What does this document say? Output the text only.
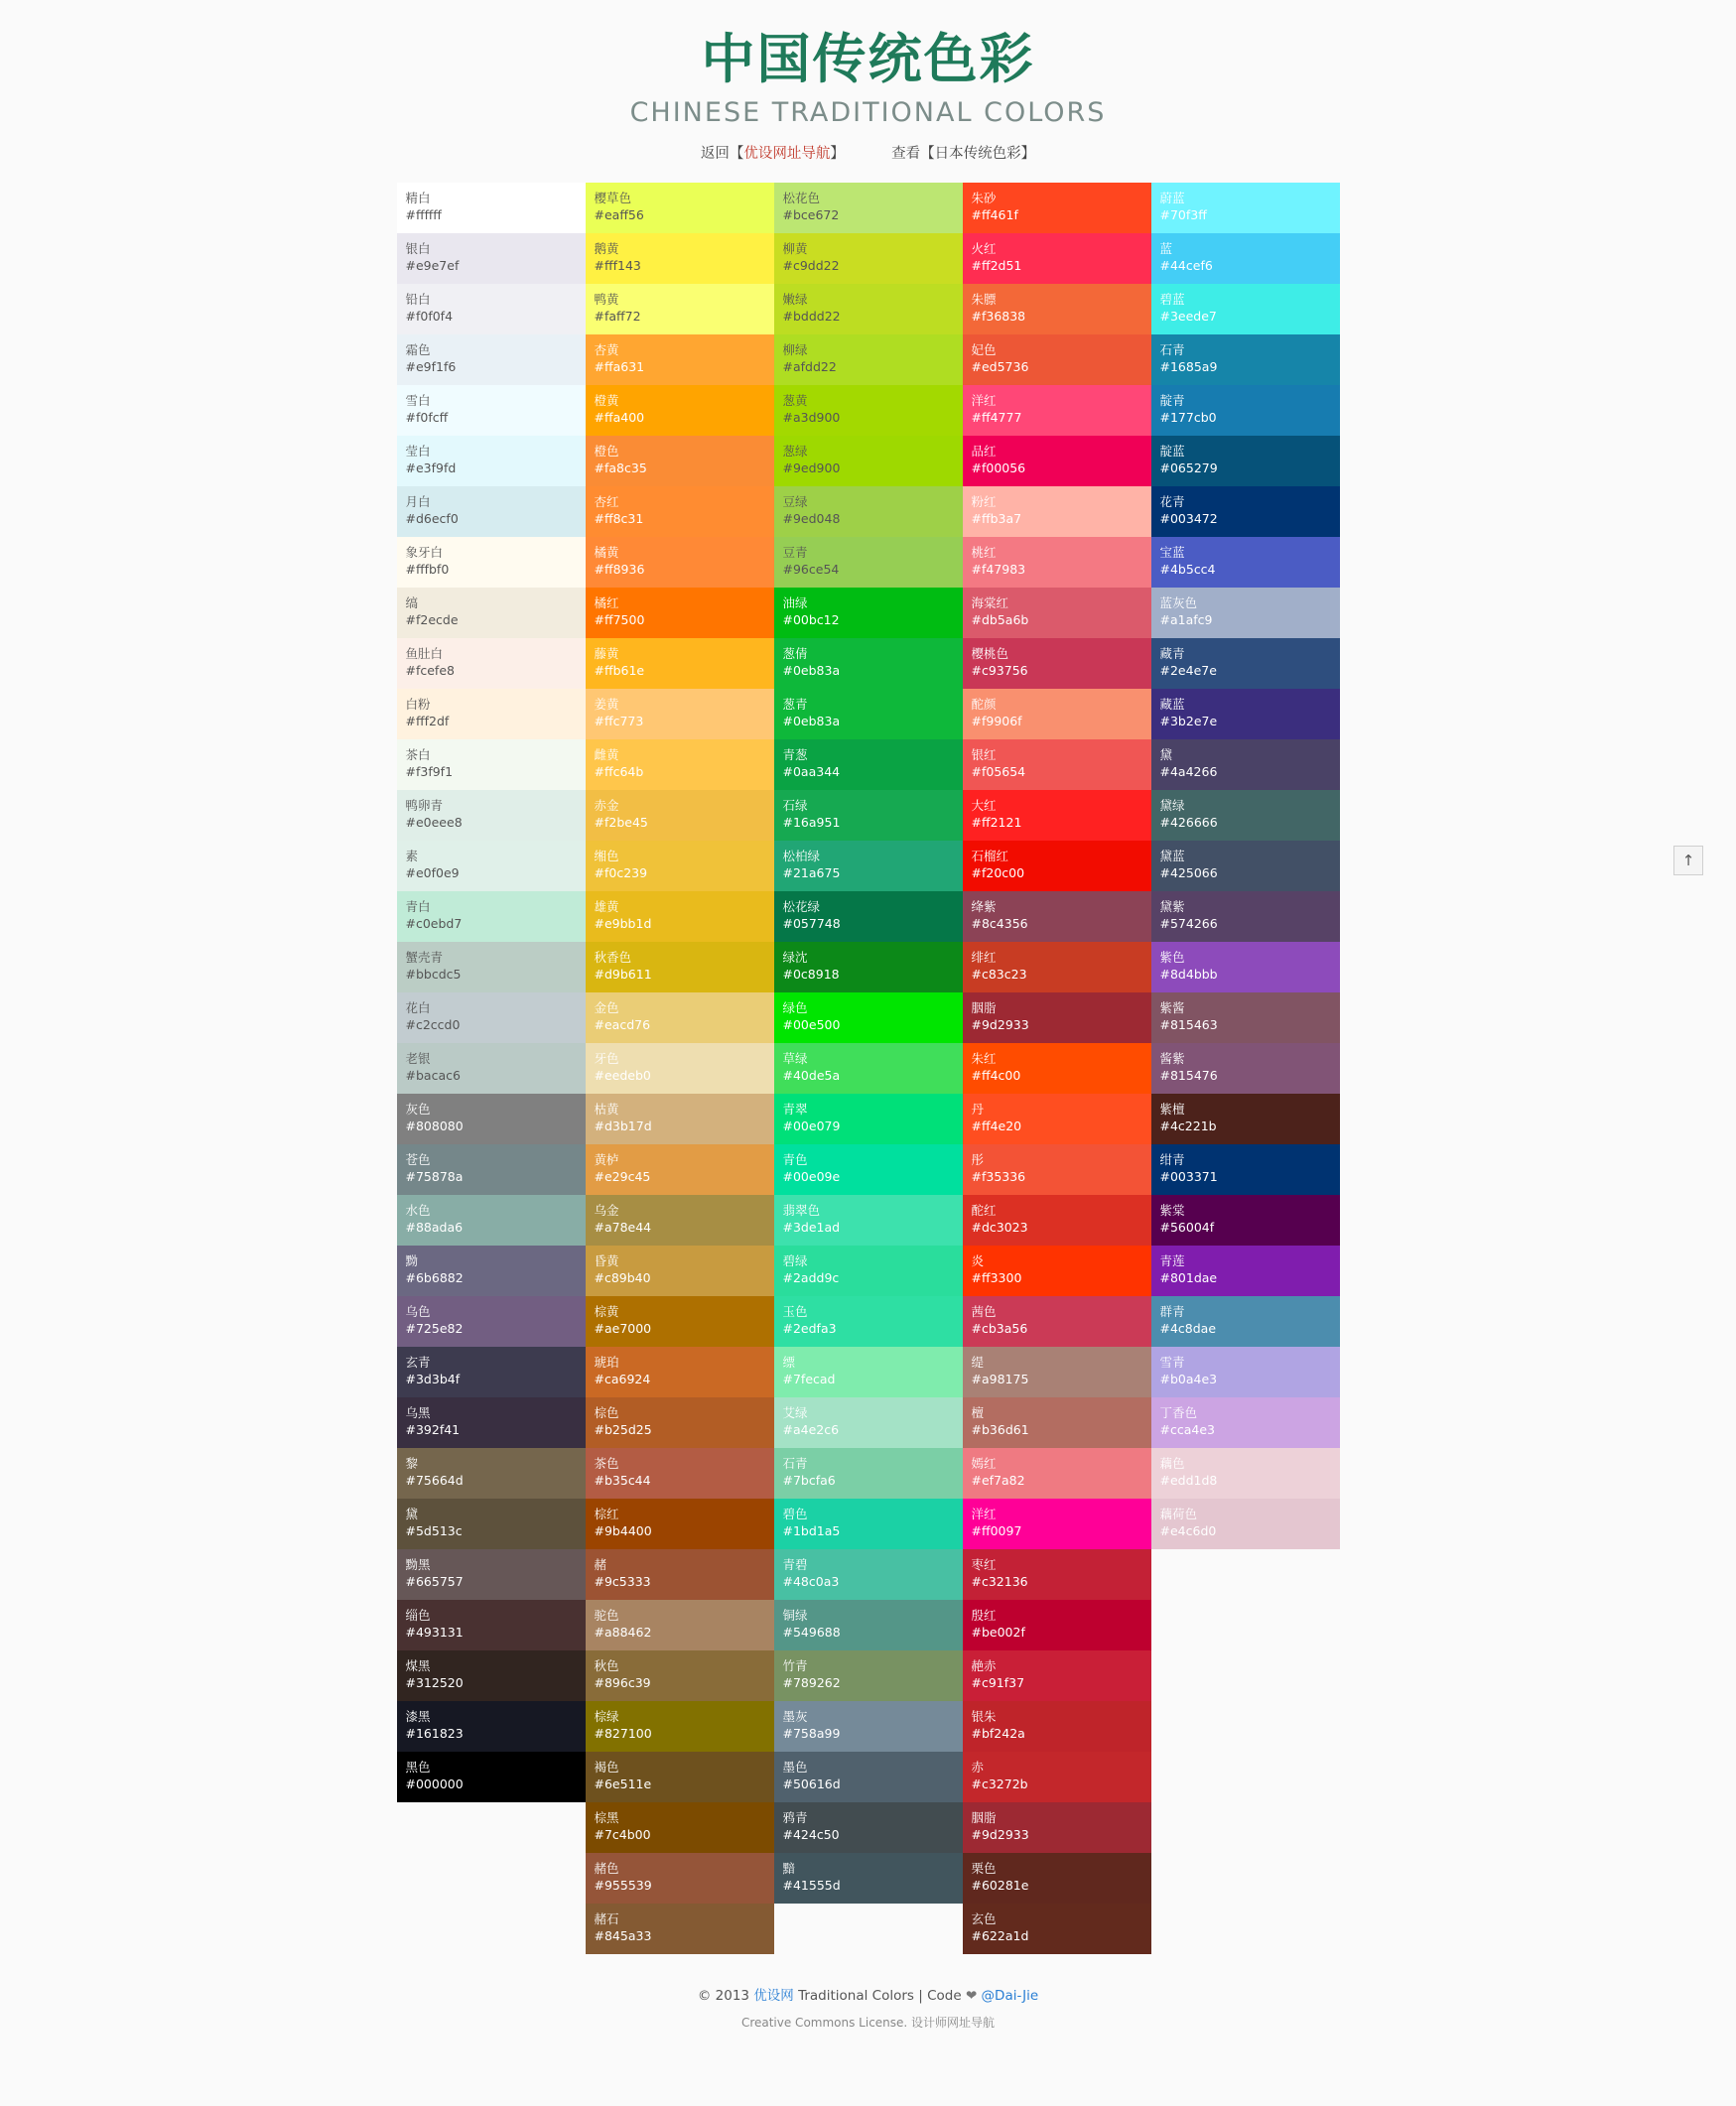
中国传统色彩
CHINESE TRADITIONAL COLORS
返回【优设网址导航】	查看【日本传统色彩】
精白
#ffffff
银白
#e9e7ef
铅白
#f0f0f4
霜色
#e9f1f6
雪白
#f0fcff
莹白
#e3f9fd
月白
#d6ecf0
象牙白
#fffbf0
缟
#f2ecde
鱼肚白
#fcefe8
白粉
#fff2df
茶白
#f3f9f1
鸭卵青
#e0eee8
素
#e0f0e9
青白
#c0ebd7
蟹壳青
#bbcdc5
花白
#c2ccd0
老银
#bacac6
灰色
#808080
苍色
#75878a
水色
#88ada6
黝
#6b6882
乌色
#725e82
玄青
#3d3b4f
乌黑
#392f41
黎
#75664d
黛
#5d513c
黝黑
#665757
缁色
#493131
煤黑
#312520
漆黑
#161823
黑色
#000000
樱草色
#eaff56
鹅黄
#fff143
鸭黄
#faff72
杏黄
#ffa631
橙黄
#ffa400
橙色
#fa8c35
杏红
#ff8c31
橘黄
#ff8936
橘红
#ff7500
藤黄
#ffb61e
姜黄
#ffc773
雌黄
#ffc64b
赤金
#f2be45
缃色
#f0c239
雄黄
#e9bb1d
秋香色
#d9b611
金色
#eacd76
牙色
#eedeb0
枯黄
#d3b17d
黄栌
#e29c45
乌金
#a78e44
昏黄
#c89b40
棕黄
#ae7000
琥珀
#ca6924
棕色
#b25d25
茶色
#b35c44
棕红
#9b4400
赭
#9c5333
驼色
#a88462
秋色
#896c39
棕绿
#827100
褐色
#6e511e
棕黑
#7c4b00
赭色
#955539
赭石
#845a33
松花色
#bce672
柳黄
#c9dd22
嫩绿
#bddd22
柳绿
#afdd22
葱黄
#a3d900
葱绿
#9ed900
豆绿
#9ed048
豆青
#96ce54
油绿
#00bc12
葱倩
#0eb83a
葱青
#0eb83a
青葱
#0aa344
石绿
#16a951
松柏绿
#21a675
松花绿
#057748
绿沈
#0c8918
绿色
#00e500
草绿
#40de5a
青翠
#00e079
青色
#00e09e
翡翠色
#3de1ad
碧绿
#2add9c
玉色
#2edfa3
缥
#7fecad
艾绿
#a4e2c6
石青
#7bcfa6
碧色
#1bd1a5
青碧
#48c0a3
铜绿
#549688
竹青
#789262
墨灰
#758a99
墨色
#50616d
鸦青
#424c50
黯
#41555d
朱砂
#ff461f
火红
#ff2d51
朱膘
#f36838
妃色
#ed5736
洋红
#ff4777
品红
#f00056
粉红
#ffb3a7
桃红
#f47983
海棠红
#db5a6b
樱桃色
#c93756
酡颜
#f9906f
银红
#f05654
大红
#ff2121
石榴红
#f20c00
绛紫
#8c4356
绯红
#c83c23
胭脂
#9d2933
朱红
#ff4c00
丹
#ff4e20
彤
#f35336
酡红
#dc3023
炎
#ff3300
茜色
#cb3a56
缇
#a98175
檀
#b36d61
嫣红
#ef7a82
洋红
#ff0097
枣红
#c32136
殷红
#be002f
赩赤
#c91f37
银朱
#bf242a
赤
#c3272b
胭脂
#9d2933
栗色
#60281e
玄色
#622a1d
蔚蓝
#70f3ff
蓝
#44cef6
碧蓝
#3eede7
石青
#1685a9
靛青
#177cb0
靛蓝
#065279
花青
#003472
宝蓝
#4b5cc4
蓝灰色
#a1afc9
藏青
#2e4e7e
藏蓝
#3b2e7e
黛
#4a4266
黛绿
#426666
黛蓝
#425066
黛紫
#574266
紫色
#8d4bbb
紫酱
#815463
酱紫
#815476
紫檀
#4c221b
绀青
#003371
紫棠
#56004f
青莲
#801dae
群青
#4c8dae
雪青
#b0a4e3
丁香色
#cca4e3
藕色
#edd1d8
藕荷色
#e4c6d0
© 2013 优设网 Traditional Colors | Code ❤ @Dai-Jie
Creative Commons License. 设计师网址导航
↑
